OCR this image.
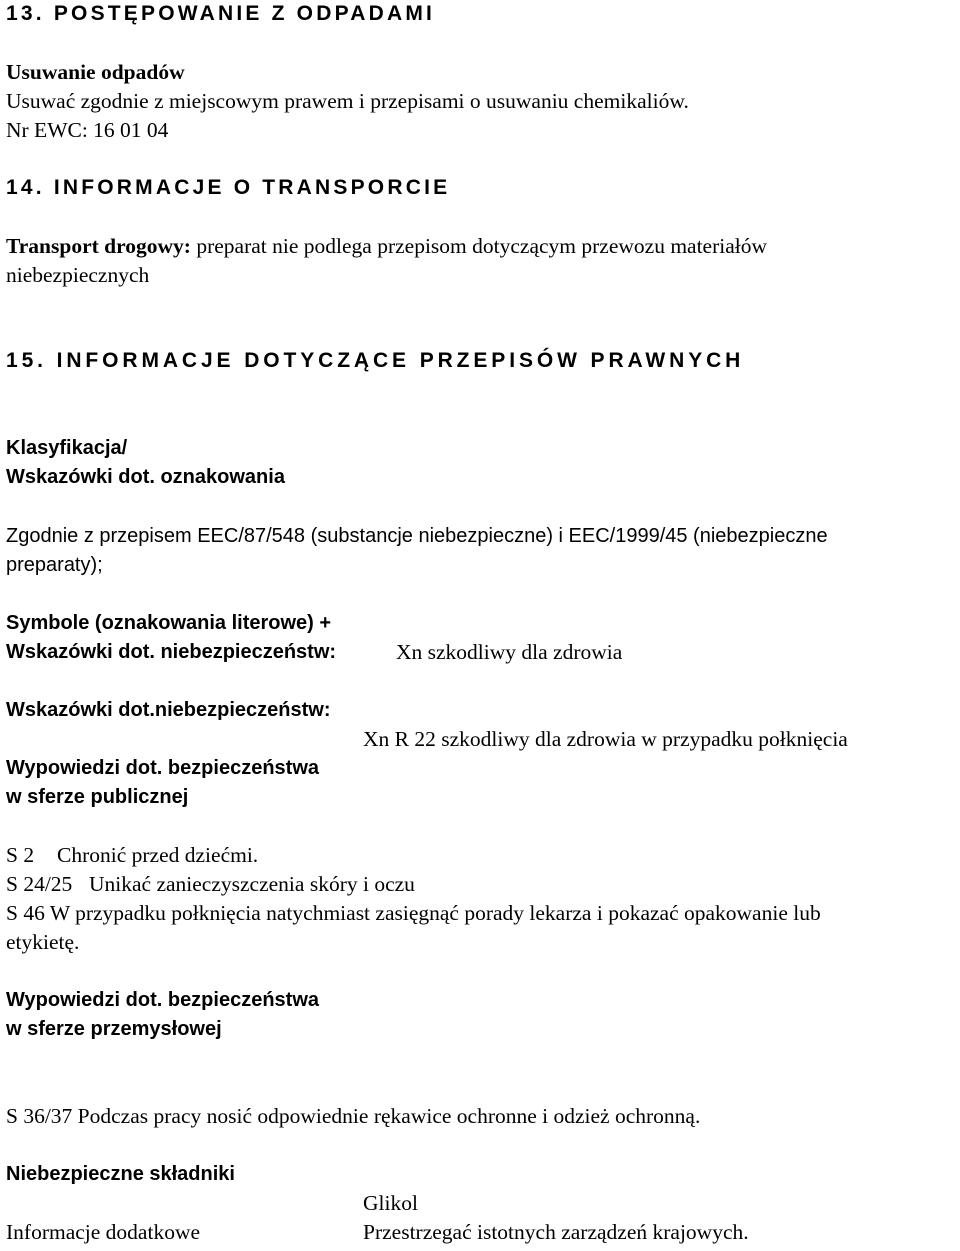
13. POSTĘPOWANIE Z ODPADAMI
Usuwanie odpadów
Usuwać zgodnie z miejscowym prawem i przepisami o usuwaniu chemikaliów.
Nr EWC: 16 01 04
14. INFORMACJE O TRANSPORCIE
Transport drogowy: preparat nie podlega przepisom dotyczącym przewozu materiałów
niebezpiecznych
15. INFORMACJE DOTYCZĄCE PRZEPISÓW PRAWNYCH
Klasyfikacja/
Wskazówki dot. oznakowania
Zgodnie z przepisem EEC/87/548 (substancje niebezpieczne) i EEC/1999/45 (niebezpieczne
preparaty);
Symbole (oznakowania literowe) +
Wskazówki dot. niebezpieczeństw:	Xn szkodliwy dla zdrowia
Wskazówki dot.niebezpieczeństw:
Xn R 22 szkodliwy dla zdrowia w przypadku połknięcia
Wypowiedzi dot. bezpieczeństwa
w sferze publicznej
S 2 Chronić przed dziećmi.
S 24/25 Unikać zanieczyszczenia skóry i oczu
S 46 W przypadku połknięcia natychmiast zasięgnąć porady lekarza i pokazać opakowanie lub
etykietę.
Wypowiedzi dot. bezpieczeństwa
w sferze przemysłowej
S 36/37 Podczas pracy nosić odpowiednie rękawice ochronne i odzież ochronną.
Niebezpieczne składniki
Glikol
Informacje dodatkowe	Przestrzegać istotnych zarządzeń krajowych.
